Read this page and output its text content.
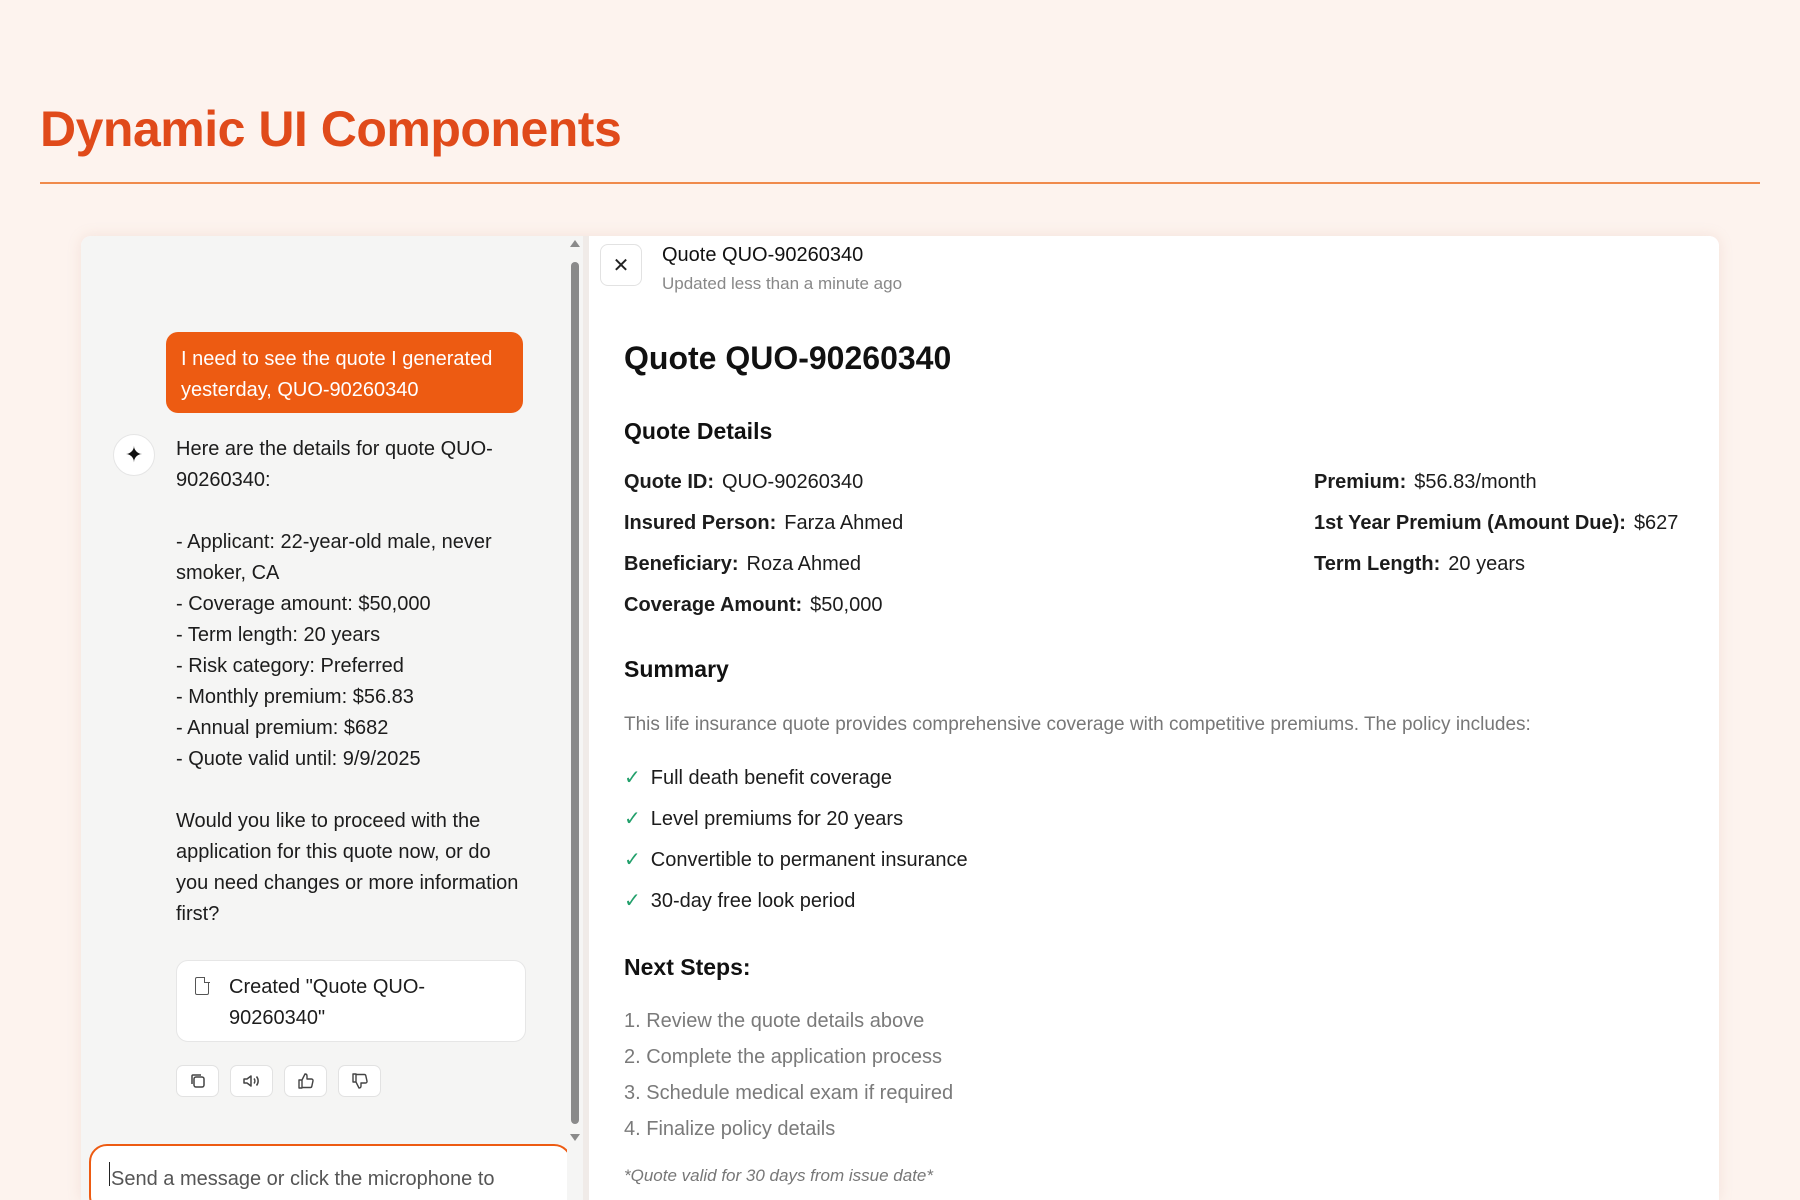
Dynamic UI Components
I need to see the quote I generated yesterday, QUO-90260340
✦	Here are the details for quote QUO-90260340:

- Applicant: 22-year-old male, never smoker, CA
- Coverage amount: $50,000
- Term length: 20 years
- Risk category: Preferred
- Monthly premium: $56.83
- Annual premium: $682
- Quote valid until: 9/9/2025

Would you like to proceed with the application for this quote now, or do you need changes or more information first?
Created "Quote QUO-90260340"
Send a message or click the microphone to
✕ Quote QUO-90260340
Updated less than a minute ago
Quote QUO-90260340
Quote Details
Quote ID: QUO-90260340
Insured Person: Farza Ahmed
Beneficiary: Roza Ahmed
Coverage Amount: $50,000
Premium: $56.83/month
1st Year Premium (Amount Due): $627
Term Length: 20 years
Summary
This life insurance quote provides comprehensive coverage with competitive premiums. The policy includes:
✓ Full death benefit coverage
✓ Level premiums for 20 years
✓ Convertible to permanent insurance
✓ 30-day free look period
Next Steps:
1. Review the quote details above
2. Complete the application process
3. Schedule medical exam if required
4. Finalize policy details
*Quote valid for 30 days from issue date*
